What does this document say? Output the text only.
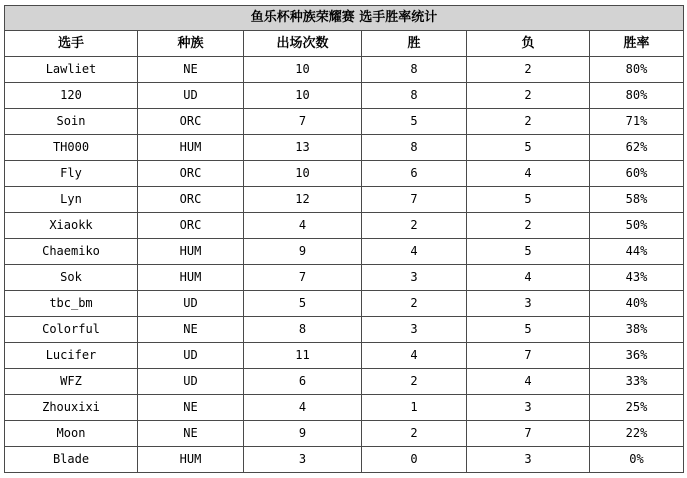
鱼乐杯种族荣耀赛 选手胜率统计					
选手	种族	出场次数	胜	负	胜率
Lawliet	NE	10	8	2	80%
120	UD	10	8	2	80%
Soin	ORC	7	5	2	71%
TH000	HUM	13	8	5	62%
Fly	ORC	10	6	4	60%
Lyn	ORC	12	7	5	58%
Xiaokk	ORC	4	2	2	50%
Chaemiko	HUM	9	4	5	44%
Sok	HUM	7	3	4	43%
tbc_bm	UD	5	2	3	40%
Colorful	NE	8	3	5	38%
Lucifer	UD	11	4	7	36%
WFZ	UD	6	2	4	33%
Zhouxixi	NE	4	1	3	25%
Moon	NE	9	2	7	22%
Blade	HUM	3	0	3	0%
